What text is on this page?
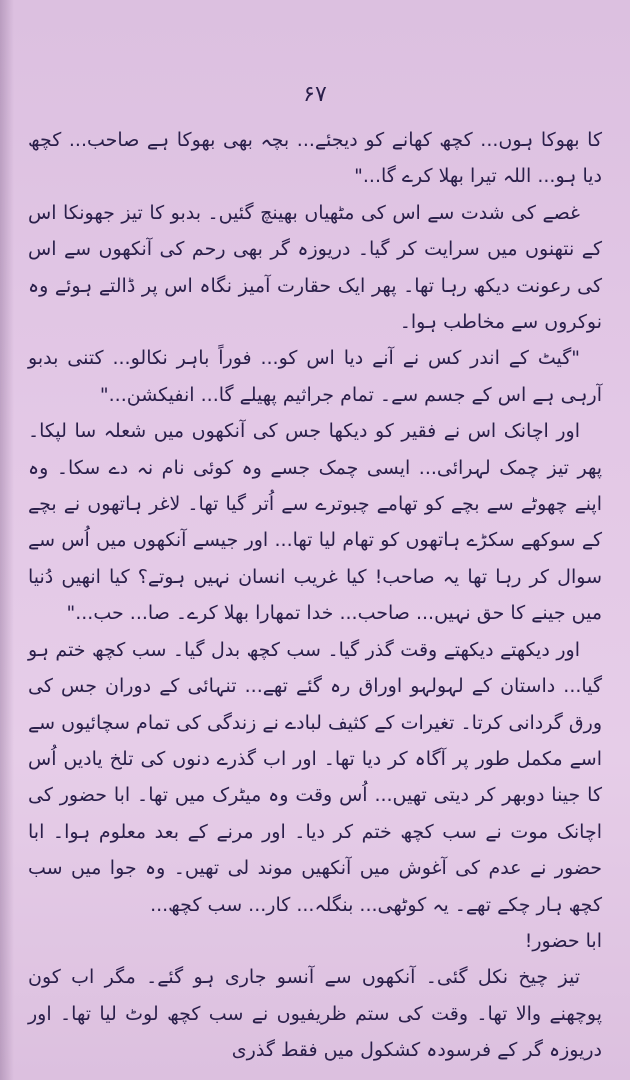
۶۷

کا بھوکا ہوں... کچھ کھانے کو دیجئے... بچہ بھی بھوکا ہے صاحب... کچھ دیا ہو... اللہ تیرا بھلا کرے گا..."

غصے کی شدت سے اس کی مٹھیاں بھینچ گئیں۔ بدبو کا تیز جھونکا اس کے نتھنوں میں سرایت کر گیا۔ دریوزہ گر بھی رحم کی آنکھوں سے اس کی رعونت دیکھ رہا تھا۔ پھر ایک حقارت آمیز نگاہ اس پر ڈالتے ہوئے وہ نوکروں سے مخاطب ہوا۔

"گیٹ کے اندر کس نے آنے دیا اس کو... فوراً باہر نکالو... کتنی بدبو آرہی ہے اس کے جسم سے۔ تمام جراثیم پھیلے گا... انفیکشن..."

اور اچانک اس نے فقیر کو دیکھا جس کی آنکھوں میں شعلہ سا لپکا۔ پھر تیز چمک لہرائی... ایسی چمک جسے وہ کوئی نام نہ دے سکا۔ وہ اپنے چھوٹے سے بچے کو تھامے چبوترے سے اُتر گیا تھا۔ لاغر ہاتھوں نے بچے کے سوکھے سکڑے ہاتھوں کو تھام لیا تھا... اور جیسے آنکھوں میں اُس سے سوال کر رہا تھا یہ صاحب! کیا غریب انسان نہیں ہوتے؟ کیا انھیں دُنیا میں جینے کا حق نہیں... صاحب... خدا تمھارا بھلا کرے۔ صا... حب..."

اور دیکھتے دیکھتے وقت گذر گیا۔ سب کچھ بدل گیا۔ سب کچھ ختم ہو گیا... داستان کے لہولہو اوراق رہ گئے تھے... تنہائی کے دوران جس کی ورق گردانی کرتا۔ تغیرات کے کثیف لبادے نے زندگی کی تمام سچائیوں سے اسے مکمل طور پر آگاہ کر دیا تھا۔ اور اب گذرے دنوں کی تلخ یادیں اُس کا جینا دوبھر کر دیتی تھیں... اُس وقت وہ میٹرک میں تھا۔ ابا حضور کی اچانک موت نے سب کچھ ختم کر دیا۔ اور مرنے کے بعد معلوم ہوا۔ ابا حضور نے عدم کی آغوش میں آنکھیں موند لی تھیں۔ وہ جوا میں سب کچھ ہار چکے تھے۔ یہ کوٹھی... بنگلہ... کار... سب کچھ...

ابا حضور!

تیز چیخ نکل گئی۔ آنکھوں سے آنسو جاری ہو گئے۔ مگر اب کون پوچھنے والا تھا۔ وقت کی ستم ظریفیوں نے سب کچھ لوٹ لیا تھا۔ اور دریوزہ گر کے فرسودہ کشکول میں فقط گذری
